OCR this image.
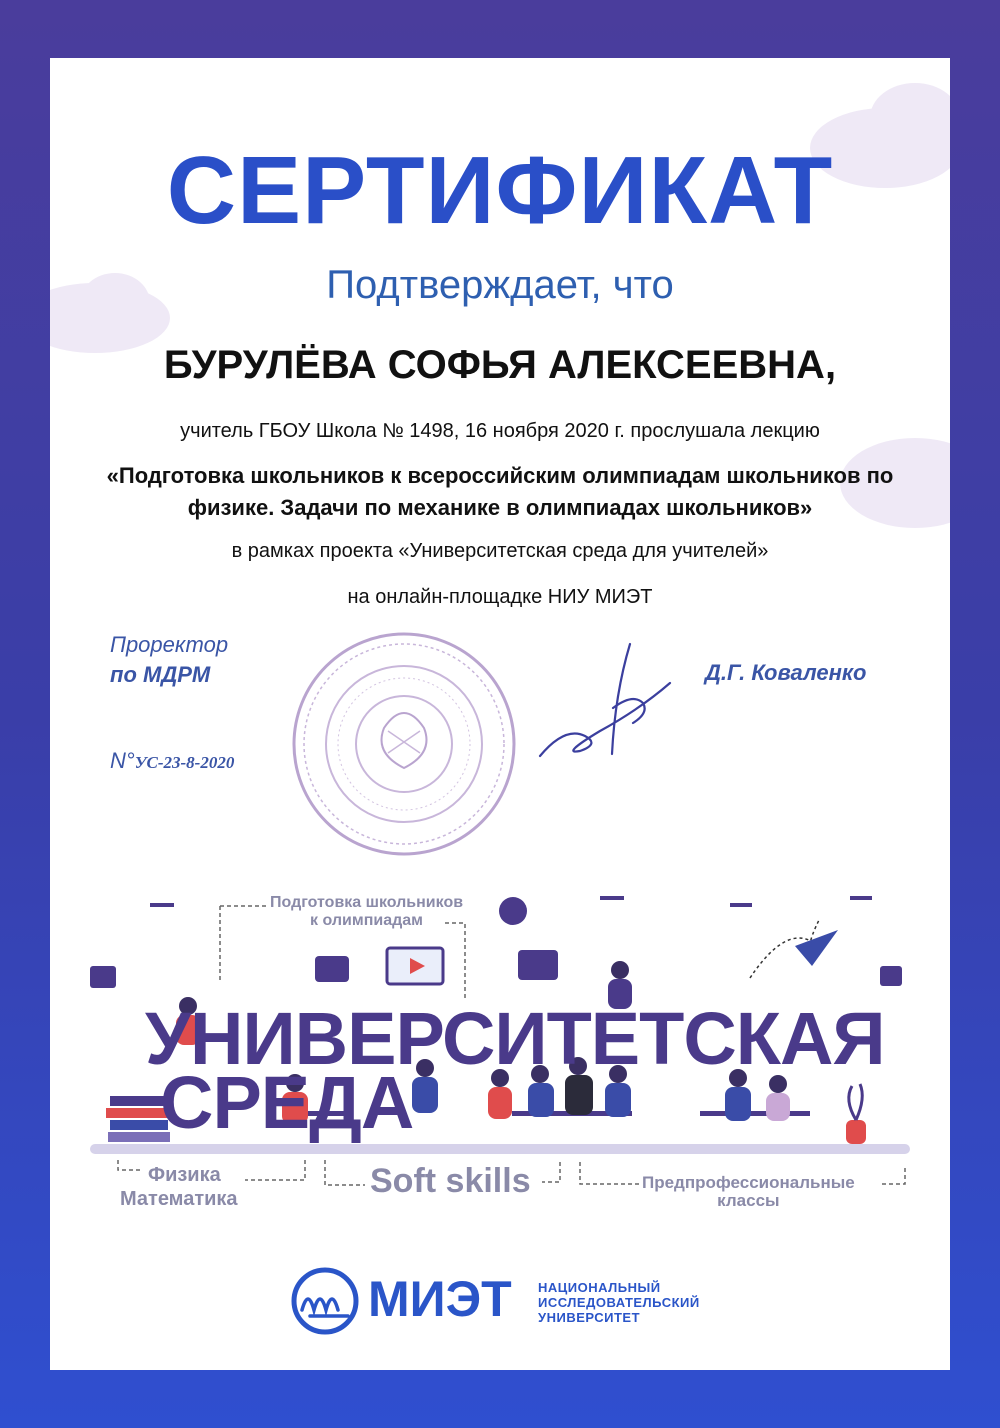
СЕРТИФИКАТ
Подтверждает, что
БУРУЛЁВА СОФЬЯ АЛЕКСЕЕВНА,
учитель ГБОУ Школа № 1498, 16 ноября 2020 г. прослушала лекцию
«Подготовка школьников к всероссийским олимпиадам школьников по физике. Задачи по механике в олимпиадах школьников»
в рамках проекта «Университетская среда для учителей»
на онлайн-площадке НИУ МИЭТ
Проректор
по МДРМ
N°УС-23-8-2020
Д.Г. Коваленко
Подготовка школьников
к олимпиадам
УНИВЕРСИТЕТСКАЯ
СРЕДА
Физика
Математика	Soft skills	Предпрофессиональные
классы
МИЭТ НАЦИОНАЛЬНЫЙ
ИССЛЕДОВАТЕЛЬСКИЙ
УНИВЕРСИТЕТ
